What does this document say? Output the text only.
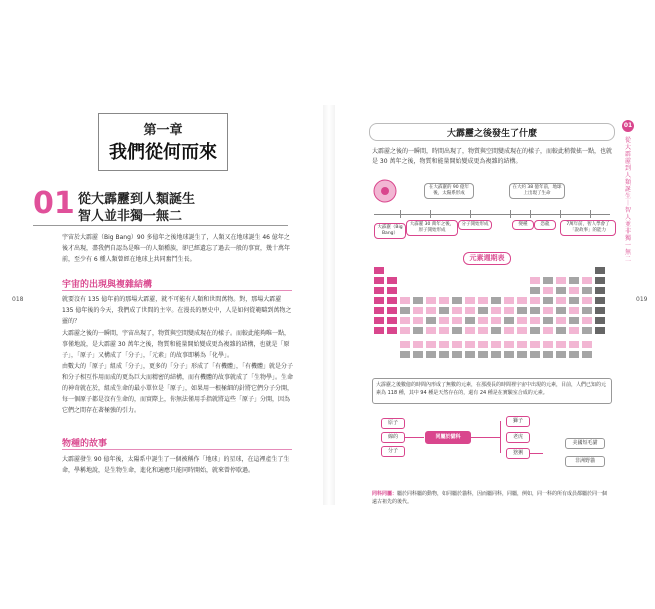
018
第一章
我們從何而來
01 從大霹靂到人類誕生
智人並非獨一無二
宇宙於大霹靂（Big Bang）90 多億年之後地球誕生了，人類又在地球誕生 46 億年之後才出現，盡我們自認為是唯一的人類種族，卻已經遺忘了過去一般的事實，幾十萬年前，至少有 6 種人類曾經在地球上共同奮鬥生長。
宇宙的出現與複雜結構
就要沒有 135 億年前的那場大霹靂，就不可能有人類和世間萬物。對，那場大霹靂 135 億年後的今天，我們成了世間的主宰。在漫長的歷史中，人是如何從範疇到萬物之靈的？
大霹靂之後的一瞬間，宇宙出現了，物質與空間變成現在的樣子。而較此能夠唯一點，事僅地說，是大霹靂 30 萬年之後，物質和能量開始變成更為複雜的結構，也就是「原子」，「原子」又構成了「分子」，「元素」的故事即稱為「化學」。
由數大的「原子」組成「分子」，更多的「分子」形成了「有機體」，「有機體」就是分子和分子相互作用而成的更為巨大而精密的結構，而有機體的故事就成了「生物學」。生命的神奇就在於，組成生命的最小單位是「原子」，如果用一根極細的針將它們分子分開，每一個原子都是沒有生命的，而實際上，你無法僅用手指就將這些「原子」分開，因為它們之間存在著極強的引力。
物種的故事
大霹靂發生 90 億年後，太陽系中誕生了一個被稱作「地球」的星球，在這裡產生了生命，學稱地說，是生物生命，進化和適應只能同時開始，就來曾停歇過。
019
01
從大霹靂到人類誕生｜智人並非獨一無二
大霹靂之後發生了什麼
大霹靂之後的一瞬間，時間出現了，物質與空間變成現在的樣子，而較此稍微搖一點，也就是 30 萬年之後，物質和能量開始變成更為複雜的結構。
在大霹靂的 90 億年後，太陽系形成
在大約 38 億年前，地球上出現了生命
大霹靂（Big Bang）
大霹靂 30 萬年之後，原子開始形成
分子開始形成	變種	恐龍	7萬年前，智人學會了「說故事」的能力
元素週期表
大霹靂之後數億的時間內形成了無數的元素，在那漫長的時間裡宇宙中出現的元素，目前，人們已知的元素為 118 種，其中 94 種是天然存在的，還有 24 種是在實驗室合成的元素。
原子
線的
分子
同屬於貓科
獅子
老虎
猞猁
美國短毛貓
非洲野貓
同科同屬：屬於同科屬的動物，如同屬於貓科，因而屬同科，同屬，例如，同一科的所有成員都屬於同一個遠古祖先的後代。
